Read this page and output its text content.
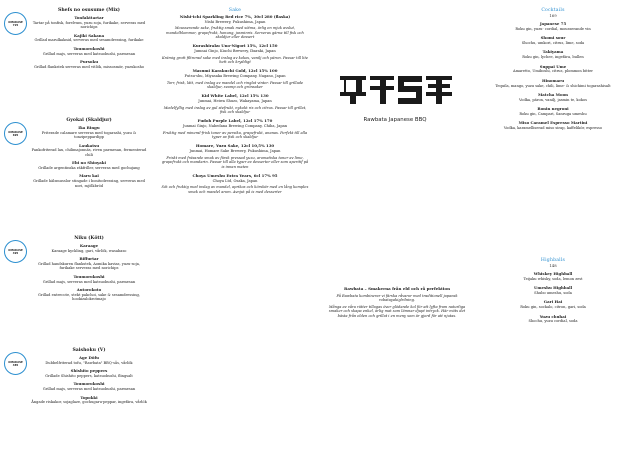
OMAKASE
725
Shefs no osusume (Mix)
Tonfakttartar
Tartar på tonfisk, forelvum, yuzu soja, furikake, serveras med norichips
Kajiki Sakana
Grillad marulkaknid, serveras med sesamdressing, furikake
Toumorokoshi
Grillad majs, serveras med katsuobushi, parmesan
Pursoku
Grillad flankstek serveras med vitlök, missosmör, yuzukosho
OMAKASE
695
Gyokai (Skaldjur)
Ika Ringu
Friterade calamare serveras med togarashi, yuzu & tonzipeppardipp
Laukatsu
Pankofriterad lax, chilimajonnäs, riven parmesan, fermenterad chili
Ebi no Shioyaki
Grillade argentinska räkfriller, serveras med gochujang
Maru kai
Grillade hälsmusslor stingade i bonitodressing, serveras med nori, mjölkbröd
OMAKASE
495
Niku (Kött)
Karaage
Karaage kyckling, gari, vårlök, wasabaso
Biffurtar
Grillad handskuren flankstek, Aomika kavias, yuzu-soja, furikake serveras med norichips
Toumorokoshi
Grillad majs, serveras med katsuobushi, parmesan
Autorokoto
Grillad entrecote, stekt pakchoi, sake & sesamdressing, hookizalokrotmajo
OMAKASE
485
Saishoku (V)
Age Dōfu
Dubbelfriterad tofu, "Rawbata" BBQ-sås, vårlök
Shishito peppers
Grillade Shishito peppers, katsuobushi, flingsalt
Toumorokoshi
Grillad majs, serveras med katsuobushi, parmesan
Topokki
Ångade riskakor, sojaglaze, gochugaru-peppar, ingefära, vårlök
Sake
Nishi-ichi Sparkling Red rice 7%, 30cl 280 (flaska)
Nishi Brewery, Fukushima, Japan
Mousserande sake, fruktig smak med sötma, ärlig en mjuk avslut, mandelblommor, grapefrukt, honung, jasminris. Serveras gärna till fisk och skaldjur eller dessert
Kurashiraku Uno-Nigori 15%, 12cl 150
Jumnai Ginjo, Kiuchi Brewery, Ibaraki, Japan
Krämig grott filtrerad sake med inslag av kokos, vanilj och päron. Passar till lite hett och kryddigt
Masumi Karakuchi Gold, 12cl 15% 100
Futsu-shu, Miyasaka Brewing Company, Nagano, Japan
Torr, frisk, lätt, med inslag av mandel och ringlat vinter. Passar till grillade skaldjur, svamp och grönsaker
Kid White Label, 12cl 15% 130
Junmai, Heiwa Shuzo, Wakayama, Japan
Medelfyllig med inslag av gul stefrukt, nykokt ris och citrus. Passar till grillat, fisk och skaldjur
Fudoh Purple Label, 12cl 17% 170
Junmai Ginjo, Nabedana Brewing Company, Chiba, Japan
Fruktig med mineral-frisk toner av persika, grapefrukt, ananas. Perfekt till alla typer av fisk och skaldjur
Homare, Yuzu Sake, 12cl 10,5% 130
Junmai, Homare Sake Brewery, Fukushima, Japan
Friskt med fräsande smak av färsk pressad yuzu, aromatiska toner av lime, grapefrukt och mandarin. Passar till alla typer av desserter eller som aperitif på is innan maten
Choya Umeshu Extra Years, 6cl 17% 95
Choya Ltd, Osaka, Japan
Söt och fruktig med inslag av mandel, aprikos och körsbär med en lång komplex smak och mandel arom. Avnjut på is med desserter
Rawbata Japanese BBQ
Rawbata – Smakerna från eld och rå perfektion
På Rawbata kombinerar vi färska råvaror med traditionell japansk robatayakiglrilning.
Många av våra rätter tillagas över glödande kol för att lyfta fram naturliga smaker och skapa enkel, ärlig mat som lämnar djupt intryck. Här möts det bästa från elden och grillat i en meny som är gjord för att njutas.
Cocktails
169
Japanese 75
Roku gin, yuzu- cordial, mousserande vin
Shomi sour
Shochu, umkori, citrus, lime, soda
Takiyama
Roku gin, lychee, ingefära, bullen
Suppai Ume
Amaretto, Umiboshi, citrus, plommon bitter
Hinomaru
Tequila, mango, yuzu sake, chili, lime- & shichimi togarashisalt
Matcha Moon
Vodka, päron, vanilj, jasmin te, kokos
Ronin negroni
Roku gin, Campari, Sanruga umeshu
Miso Caramel Espresso Martini
Vodka, karamelliserad miso sirap, kaffelikör, espresso
Highballs
148
Whiskey Highball
Teijaku whisky, soda, lemon zest
Umeshu Highball
Shubo umeshu, soda
Gari Hai
Roku gin, sockalo, citron, gari, soda
Yuzu chuhai
Shochu, yuzu cordial, soda
